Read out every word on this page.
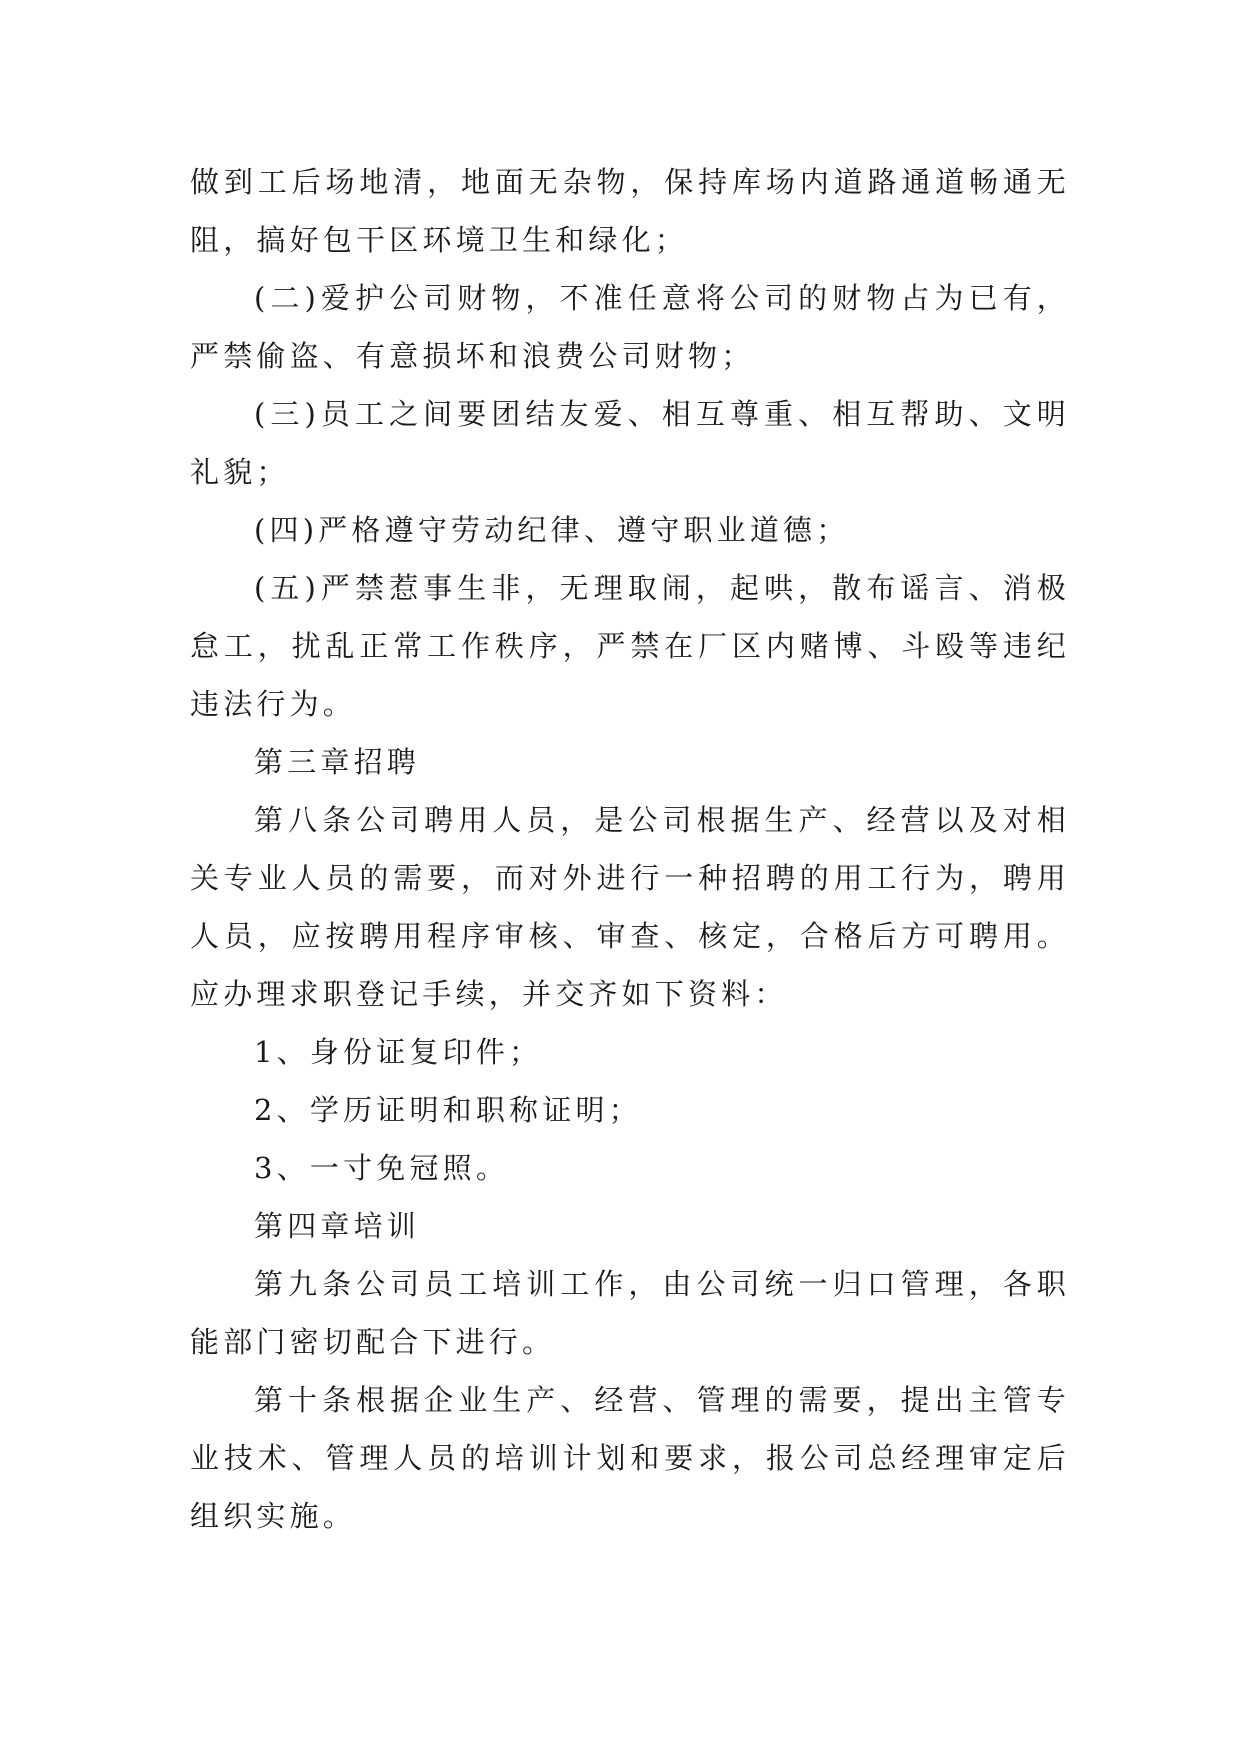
做到工后场地清，地面无杂物，保持库场内道路通道畅通无阻，搞好包干区环境卫生和绿化；

(二)爱护公司财物，不准任意将公司的财物占为已有，严禁偷盗、有意损坏和浪费公司财物；

(三)员工之间要团结友爱、相互尊重、相互帮助、文明礼貌；

(四)严格遵守劳动纪律、遵守职业道德；

(五)严禁惹事生非，无理取闹，起哄，散布谣言、消极怠工，扰乱正常工作秩序，严禁在厂区内赌博、斗殴等违纪违法行为。

第三章招聘

第八条公司聘用人员，是公司根据生产、经营以及对相关专业人员的需要，而对外进行一种招聘的用工行为，聘用人员，应按聘用程序审核、审查、核定，合格后方可聘用。应办理求职登记手续，并交齐如下资料：

1、身份证复印件；

2、学历证明和职称证明；

3、一寸免冠照。

第四章培训

第九条公司员工培训工作，由公司统一归口管理，各职能部门密切配合下进行。

第十条根据企业生产、经营、管理的需要，提出主管专业技术、管理人员的培训计划和要求，报公司总经理审定后组织实施。
